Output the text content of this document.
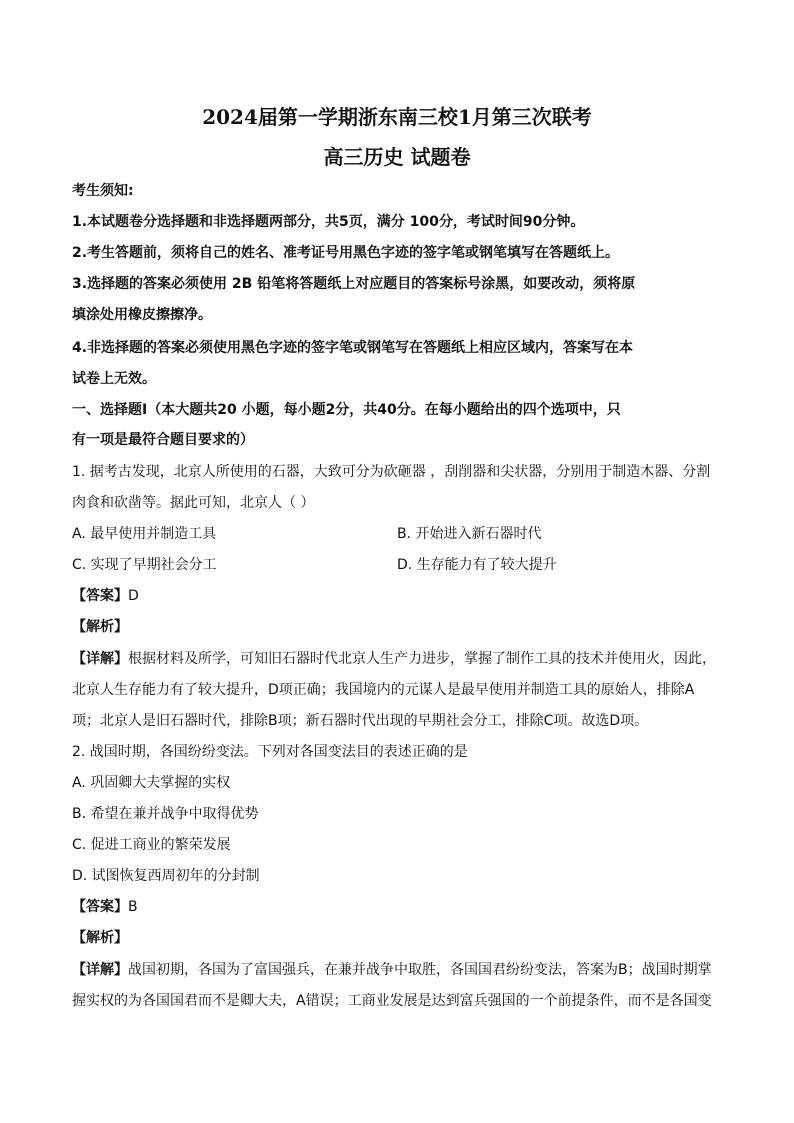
2024届第一学期浙东南三校1月第三次联考
高三历史 试题卷
考生须知:
1.本试题卷分选择题和非选择题两部分，共5页，满分 100分，考试时间90分钟。
2.考生答题前，须将自己的姓名、准考证号用黑色字迹的签字笔或钢笔填写在答题纸上。
3.选择题的答案必须使用 2B 铅笔将答题纸上对应题目的答案标号涂黑，如要改动，须将原
填涂处用橡皮擦擦净。
4.非选择题的答案必须使用黑色字迹的签字笔或钢笔写在答题纸上相应区域内，答案写在本
试卷上无效。
一、选择题Ⅰ（本大题共20 小题，每小题2分，共40分。在每小题给出的四个选项中，只
有一项是最符合题目要求的）
1. 据考古发现，北京人所使用的石器，大致可分为砍砸器 ，刮削器和尖状器，分别用于制造木器、分割
肉食和砍凿等。据此可知，北京人（ ）
A. 最早使用并制造工具	B. 开始进入新石器时代
C. 实现了早期社会分工	D. 生存能力有了较大提升
【答案】D
【解析】
【详解】根据材料及所学，可知旧石器时代北京人生产力进步，掌握了制作工具的技术并使用火，因此，
北京人生存能力有了较大提升，D项正确；我国境内的元谋人是最早使用并制造工具的原始人，排除A
项；北京人是旧石器时代，排除B项；新石器时代出现的早期社会分工，排除C项。故选D项。
2. 战国时期，各国纷纷变法。下列对各国变法目的表述正确的是
A. 巩固卿大夫掌握的实权
B. 希望在兼并战争中取得优势
C. 促进工商业的繁荣发展
D. 试图恢复西周初年的分封制
【答案】B
【解析】
【详解】战国初期，各国为了富国强兵，在兼并战争中取胜，各国国君纷纷变法，答案为B；战国时期掌
握实权的为各国国君而不是卿大夫，A错误；工商业发展是达到富兵强国的一个前提条件，而不是各国变
